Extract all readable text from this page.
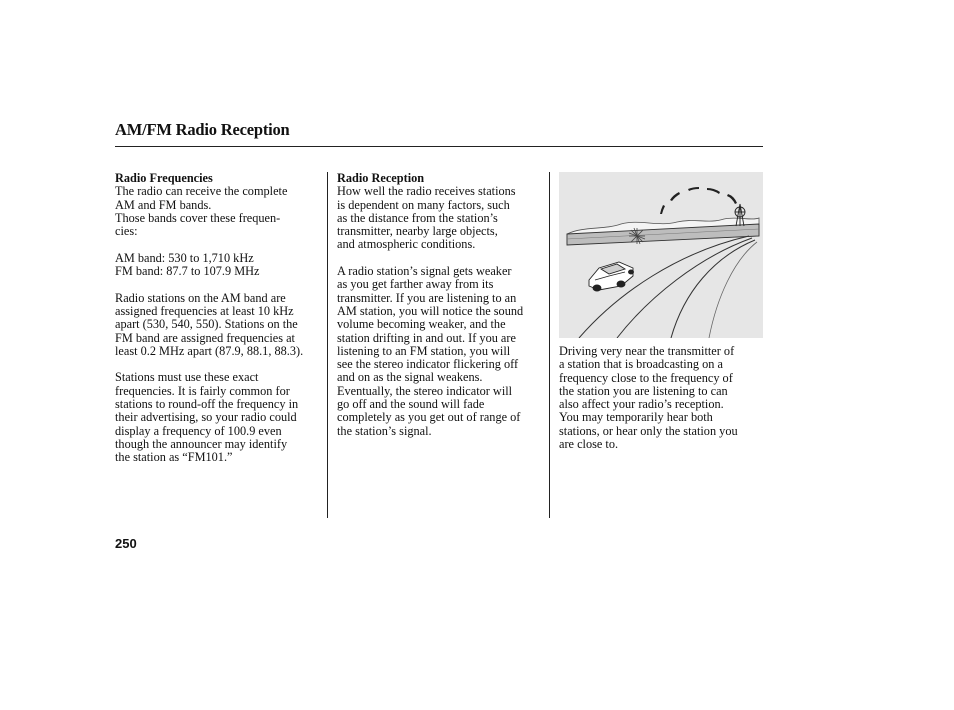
AM/FM Radio Reception

Radio Frequencies

The radio can receive the complete
AM and FM bands.
Those bands cover these frequen-
cies:

AM band: 530 to 1,710 kHz
FM band: 87.7 to 107.9 MHz

Radio stations on the AM band are
assigned frequencies at least 10 kHz
apart (530, 540, 550). Stations on the
FM band are assigned frequencies at
least 0.2 MHz apart (87.9, 88.1, 88.3).

Stations must use these exact
frequencies. It is fairly common for
stations to round-off the frequency in
their advertising, so your radio could
display a frequency of 100.9 even
though the announcer may identify
the station as “FM101.”

Radio Reception

How well the radio receives stations
is dependent on many factors, such
as the distance from the station’s
transmitter, nearby large objects,
and atmospheric conditions.

A radio station’s signal gets weaker
as you get farther away from its
transmitter. If you are listening to an
AM station, you will notice the sound
volume becoming weaker, and the
station drifting in and out. If you are
listening to an FM station, you will
see the stereo indicator flickering off
and on as the signal weakens.
Eventually, the stereo indicator will
go off and the sound will fade
completely as you get out of range of
the station’s signal.

Driving very near the transmitter of
a station that is broadcasting on a
frequency close to the frequency of
the station you are listening to can
also affect your radio’s reception.
You may temporarily hear both
stations, or hear only the station you
are close to.

250
